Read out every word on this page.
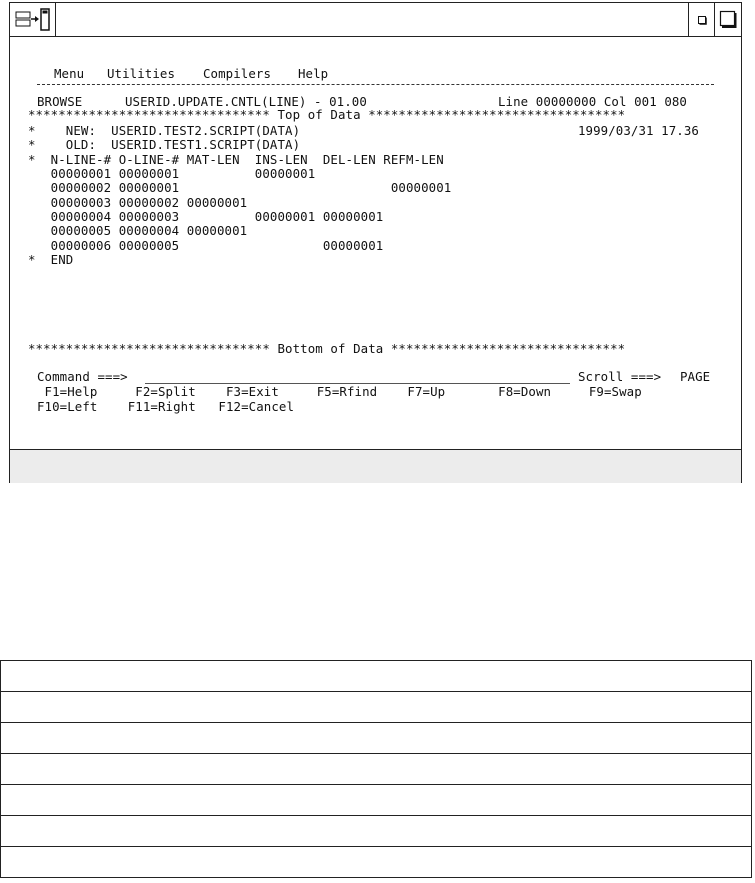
Menu Utilities Compilers Help
BROWSE	USERID.UPDATE.CNTL(LINE) - 01.00	Line 00000000 Col 001 080
******************************** Top of Data **********************************
*    NEW:  USERID.TEST2.SCRIPT(DATA)	1999/03/31 17.36
*    OLD:  USERID.TEST1.SCRIPT(DATA)
*  N-LINE-# O-LINE-# MAT-LEN  INS-LEN  DEL-LEN REFM-LEN
00000001 00000001          00000001
00000002 00000001                            00000001
00000003 00000002 00000001
00000004 00000003          00000001 00000001
00000005 00000004 00000001
00000006 00000005                   00000001
*  END
******************************** Bottom of Data *******************************
Command ===>	Scroll ===> PAGE
F1=Help     F2=Split    F3=Exit     F5=Rfind    F7=Up       F8=Down     F9=Swap
F10=Left    F11=Right   F12=Cancel
